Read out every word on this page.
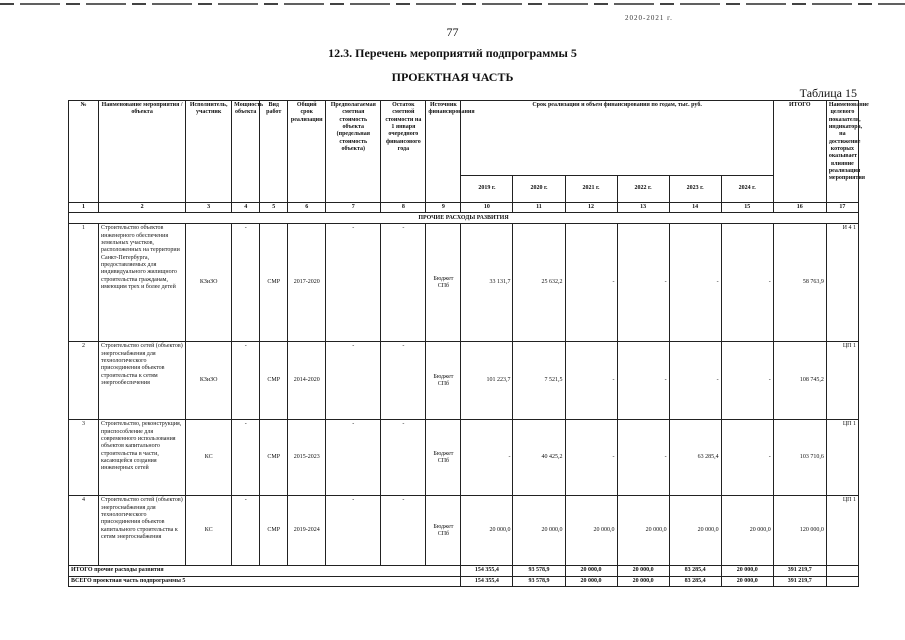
2020-2021 г.
77
12.3. Перечень мероприятий подпрограммы 5
ПРОЕКТНАЯ ЧАСТЬ
Таблица 15
№	Наименование мероприятия / объекта	Исполнитель, участник	Мощность объекта	Вид работ	Общий срок реализации	Предполагаемая сметная стоимость объекта (предельная стоимость объекта)	Остаток сметной стоимости на 1 января очередного финансового года	Источник финансирования	Срок реализации и объем финансирования по годам, тыс. руб.						ИТОГО	Наименование целевого показателя, индикатора, на достижение которых оказывает влияние реализация мероприятия
									2019 г.	2020 г.	2021 г.	2022 г.	2023 г.	2024 г.		
1	2	3	4	5	6	7	8	9	10	11	12	13	14	15	16	17
ПРОЧИЕ РАСХОДЫ РАЗВИТИЯ																
1	Строительство объектов инженерного обеспечения земельных участков, расположенных на территории Санкт-Петербурга, предоставляемых для индивидуального жилищного строительства гражданам, имеющим трех и более детей	КЗиЗО	-	СМР	2017-2020	-	-	Бюджет СПб	33 131,7	25 632,2	-	-	-	-	58 763,9	И 4 1
2	Строительство сетей (объектов) энергоснабжения для технологического присоединения объектов строительства к сетям энергообеспечения	КЗиЗО	-	СМР	2014-2020	-	-	Бюджет СПб	101 223,7	7 521,5	-	-	-	-	108 745,2	ЦП 1
3	Строительство, реконструкция, приспособление для современного использования объектов капитального строительства в части, касающейся создания инженерных сетей	КС	-	СМР	2015-2023	-	-	Бюджет СПб	-	40 425,2	-	-	63 285,4	-	103 710,6	ЦП 1
4	Строительство сетей (объектов) энергоснабжения для технологического присоединения объектов капитального строительства к сетям энергоснабжения	КС	-	СМР	2019-2024	-	-	Бюджет СПб	20 000,0	20 000,0	20 000,0	20 000,0	20 000,0	20 000,0	120 000,0	ЦП 1
ИТОГО прочие расходы развития									154 355,4	93 578,9	20 000,0	20 000,0	83 285,4	20 000,0	391 219,7	
ВСЕГО проектная часть подпрограммы 5									154 355,4	93 578,9	20 000,0	20 000,0	83 285,4	20 000,0	391 219,7	
